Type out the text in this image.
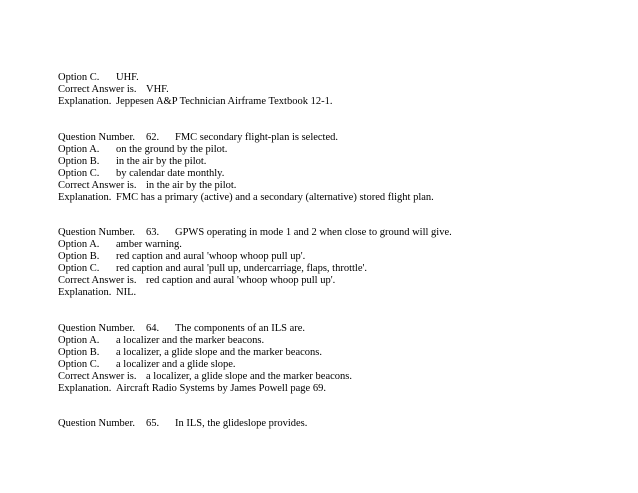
Option C.

UHF.

Correct Answer is.

VHF.

Explanation.

Jeppesen A&P Technician Airframe Textbook 12-1.

Question Number.

62.

FMC secondary flight-plan is selected.

Option A.

on the ground by the pilot.

Option B.

in the air by the pilot.

Option C.

by calendar date monthly.

Correct Answer is.

in the air by the pilot.

Explanation.

FMC has a primary (active) and a secondary (alternative) stored flight plan.

Question Number.

63.

GPWS operating in mode 1 and 2 when close to ground will give.

Option A.

amber warning.

Option B.

red caption and aural 'whoop whoop pull up'.

Option C.

red caption and aural 'pull up, undercarriage, flaps, throttle'.

Correct Answer is.

red caption and aural 'whoop whoop pull up'.

Explanation.

NIL.

Question Number.

64.

The components of an ILS are.

Option A.

a localizer and the marker beacons.

Option B.

a localizer, a glide slope and the marker beacons.

Option C.

a localizer and a glide slope.

Correct Answer is.

a localizer, a glide slope and the marker beacons.

Explanation.

Aircraft Radio Systems by James Powell page 69.

Question Number.

65.

In ILS, the glideslope provides.
